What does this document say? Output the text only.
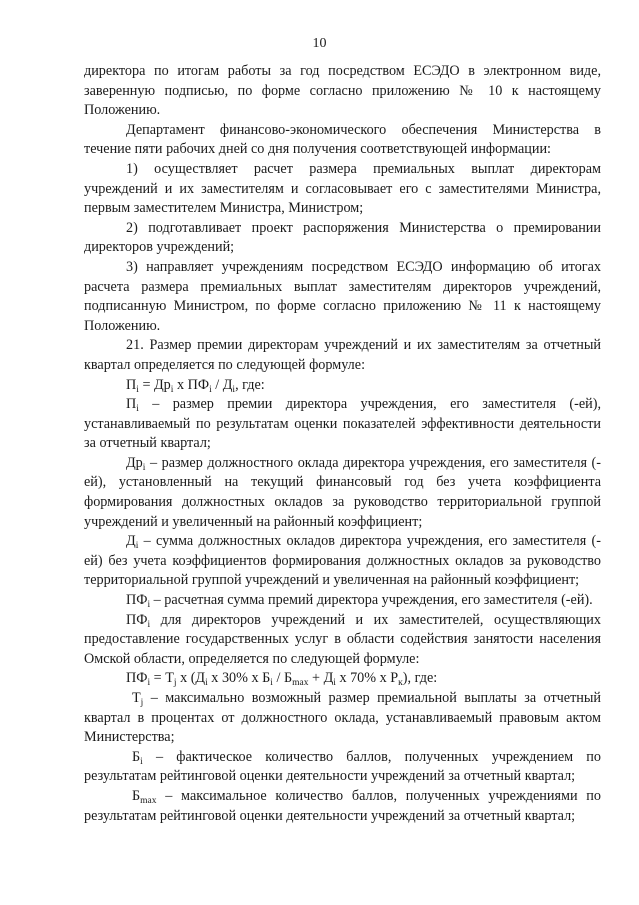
10

директора по итогам работы за год посредством ЕСЭДО в электронном виде, заверенную подписью, по форме согласно приложению № 10 к настоящему Положению.

Департамент финансово-экономического обеспечения Министерства в течение пяти рабочих дней со дня получения соответствующей информации:

1) осуществляет расчет размера премиальных выплат директорам учреждений и их заместителям и согласовывает его с заместителями Министра, первым заместителем Министра, Министром;

2) подготавливает проект распоряжения Министерства о премировании директоров учреждений;

3) направляет учреждениям посредством ЕСЭДО информацию об итогах расчета размера премиальных выплат заместителям директоров учреждений, подписанную Министром, по форме согласно приложению № 11 к настоящему Положению.

21. Размер премии директорам учреждений и их заместителям за отчетный квартал определяется по следующей формуле:

$П_i = Др_i$ х $ПФ_i / Д_i$, где:

$П_i$ – размер премии директора учреждения, его заместителя (-ей), устанавливаемый по результатам оценки показателей эффективности деятельности за отчетный квартал;

$Др_i$ – размер должностного оклада директора учреждения, его заместителя (-ей), установленный на текущий финансовый год без учета коэффициента формирования должностных окладов за руководство территориальной группой учреждений и увеличенный на районный коэффициент;

$Д_i$ – сумма должностных окладов директора учреждения, его заместителя (-ей) без учета коэффициентов формирования должностных окладов за руководство территориальной группой учреждений и увеличенная на районный коэффициент;

$ПФ_i$ – расчетная сумма премий директора учреждения, его заместителя (-ей).

$ПФ_i$ для директоров учреждений и их заместителей, осуществляющих предоставление государственных услуг в области содействия занятости населения Омской области, определяется по следующей формуле:

$ПФ_i = Т_j$ х ($Д_i$ х 30% х $Б_i / Б_{max} + Д_i$ х 70% х $Р_к$), где:

$Т_j$ – максимально возможный размер премиальной выплаты за отчетный квартал в процентах от должностного оклада, устанавливаемый правовым актом Министерства;

$Б_i$ – фактическое количество баллов, полученных учреждением по результатам рейтинговой оценки деятельности учреждений за отчетный квартал;

$Б_{max}$ – максимальное количество баллов, полученных учреждениями по результатам рейтинговой оценки деятельности учреждений за отчетный квартал;
